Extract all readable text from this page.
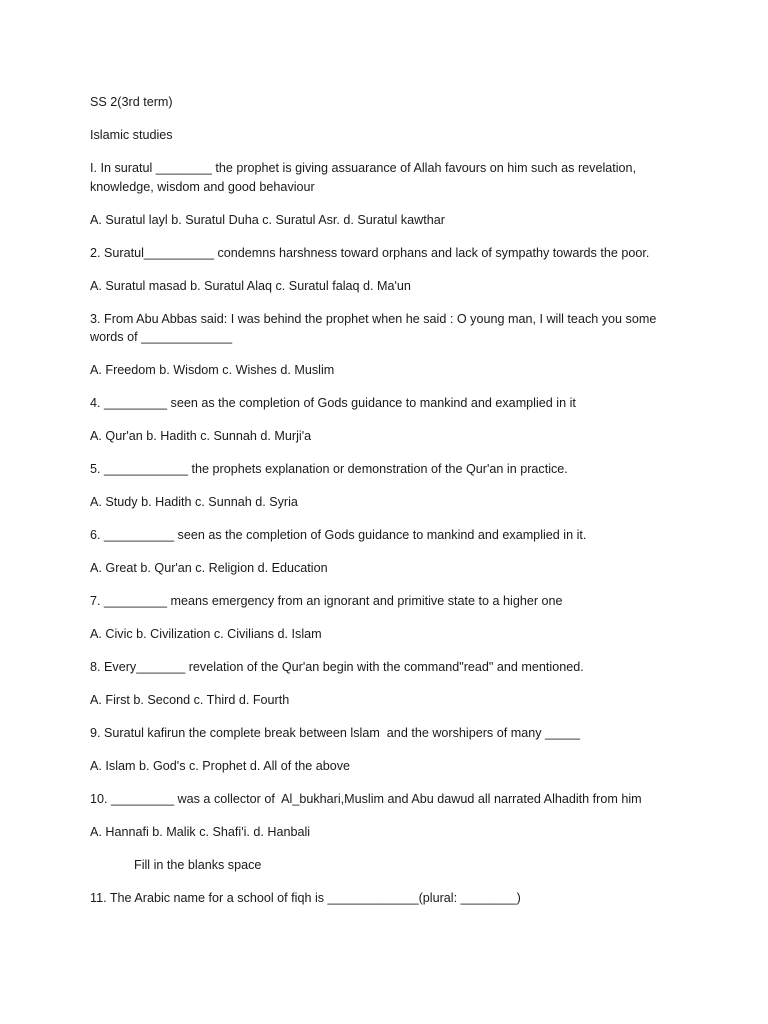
SS 2(3rd term)
Islamic studies
I. In suratul ________ the prophet is giving assuarance of Allah favours on him such as revelation, knowledge, wisdom and good behaviour
A. Suratul layl b. Suratul Duha c. Suratul Asr. d. Suratul kawthar
2. Suratul__________ condemns harshness toward orphans and lack of sympathy towards the poor.
A. Suratul masad b. Suratul Alaq c. Suratul falaq d. Ma'un
3. From Abu Abbas said: I was behind the prophet when he said : O young man, I will teach you some words of _____________
A. Freedom b. Wisdom c. Wishes d. Muslim
4. _________ seen as the completion of Gods guidance to mankind and examplied in it
A. Qur'an b. Hadith c. Sunnah d. Murji'a
5. ____________ the prophets explanation or demonstration of the Qur'an in practice.
A. Study b. Hadith c. Sunnah d. Syria
6. __________ seen as the completion of Gods guidance to mankind and examplied in it.
A. Great b. Qur'an c. Religion d. Education
7. _________ means emergency from an ignorant and primitive state to a higher one
A. Civic b. Civilization c. Civilians d. Islam
8. Every_______ revelation of the Qur'an begin with the command"read" and mentioned.
A. First b. Second c. Third d. Fourth
9. Suratul kafirun the complete break between lslam  and the worshipers of many _____
A. Islam b. God's c. Prophet d. All of the above
10. _________ was a collector of  Al_bukhari,Muslim and Abu dawud all narrated Alhadith from him
A. Hannafi b. Malik c. Shafi'i. d. Hanbali
Fill in the blanks space
11. The Arabic name for a school of fiqh is _____________(plural: ________)
